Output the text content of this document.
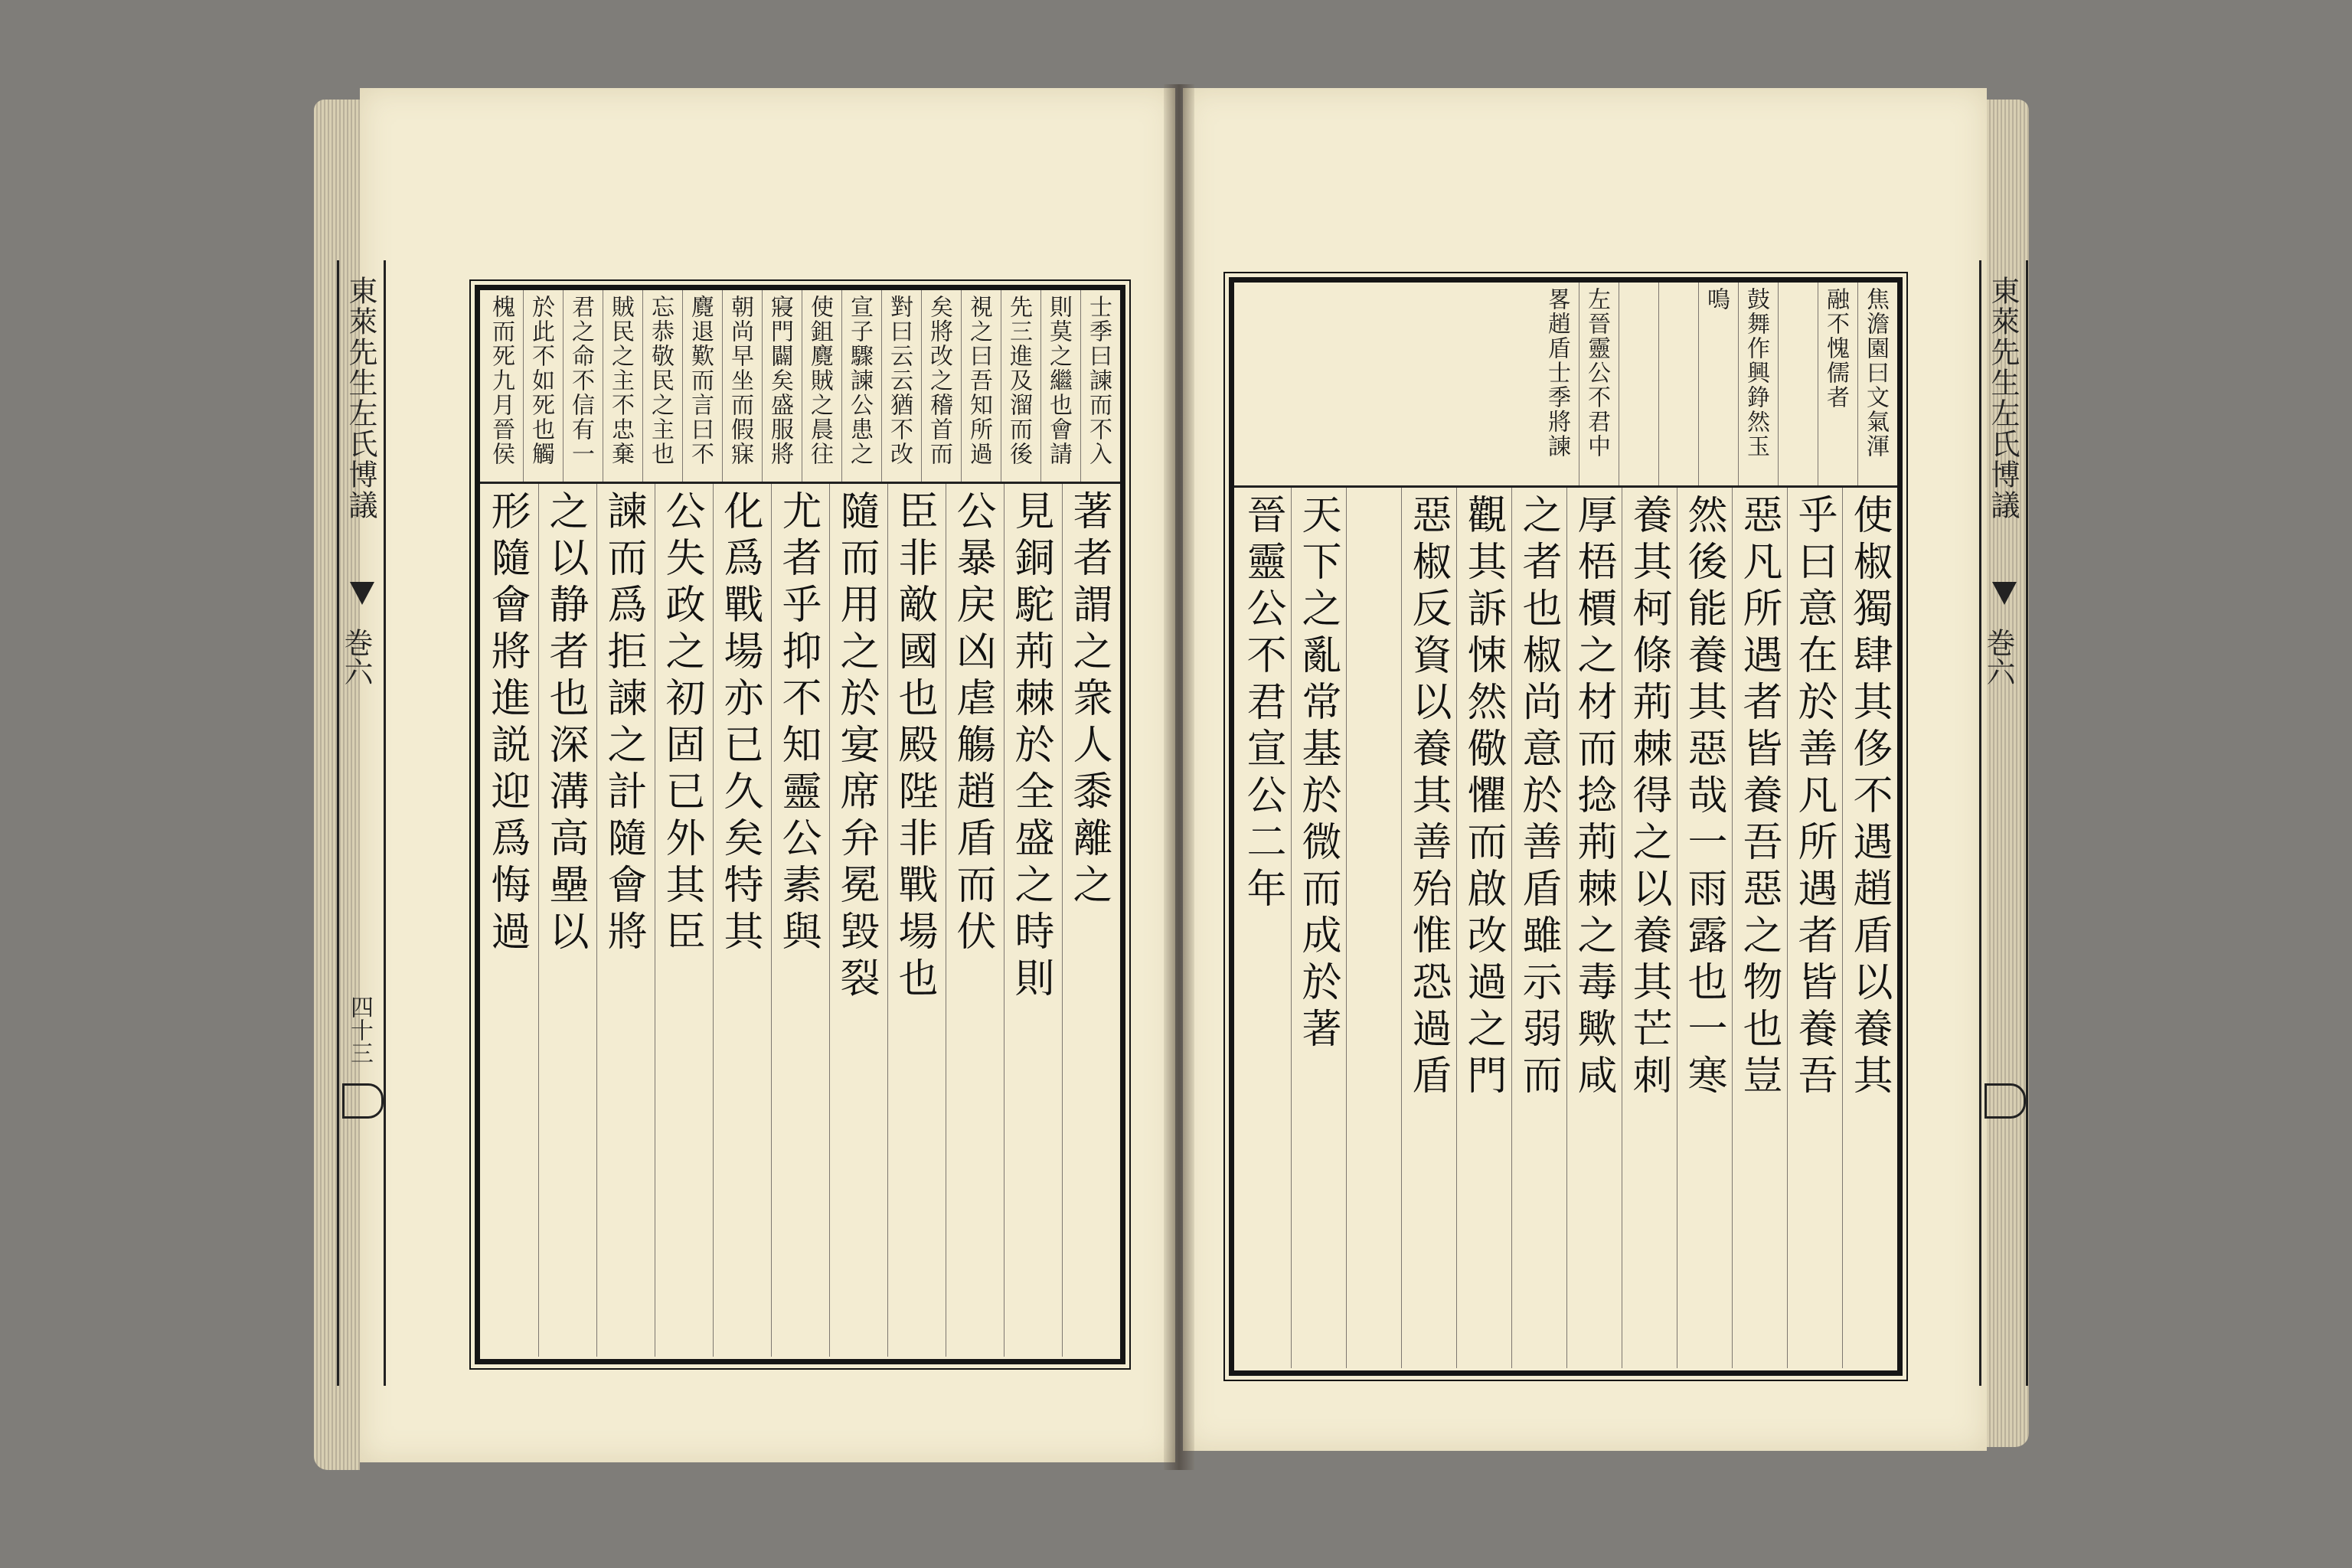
東萊先生左氏博議
巻六
四十三
東萊先生左氏博議
巻六
士季曰諫而不入
則莫之繼也會請
先三進及溜而後
視之曰吾知所過
矣將改之稽首而
對曰云云猶不改
宣子驟諫公患之
使鉏麑賊之晨往
寢門闢矣盛服將
朝尚早坐而假寐
麑退歎而言曰不
忘恭敬民之主也
賊民之主不忠棄
君之命不信有一
於此不如死也觸
槐而死九月晉侯	焦澹園曰文氣渾
融不愧儒者
鼓舞作興錚然玉
鳴
左晉靈公不君中
畧趙盾士季將諫
著者謂之衆人黍離之
見銅駝荊棘於全盛之時則
公暴戻凶虐觴趙盾而伏
臣非敵國也殿陛非戰場也
隨而用之於宴席弁冕毀裂
尤者乎抑不知靈公素與
化爲戰場亦已久矣特其
公失政之初固已外其臣
諫而爲拒諫之計隨會將
之以静者也深溝高壘以
形隨會將進説迎爲悔過	使椒獨肆其侈不遇趙盾以養其
乎曰意在於善凡所遇者皆養吾
惡凡所遇者皆養吾惡之物也豈
然後能養其惡哉一雨露也一寒
養其柯條荊棘得之以養其芒刺
厚梧檟之材而捻荊棘之毒歟咸
之者也椒尚意於善盾雖示弱而
觀其訴悚然儆懼而啟改過之門
惡椒反資以養其善殆惟恐過盾
天下之亂常基於微而成於著
晉靈公不君宣公二年
